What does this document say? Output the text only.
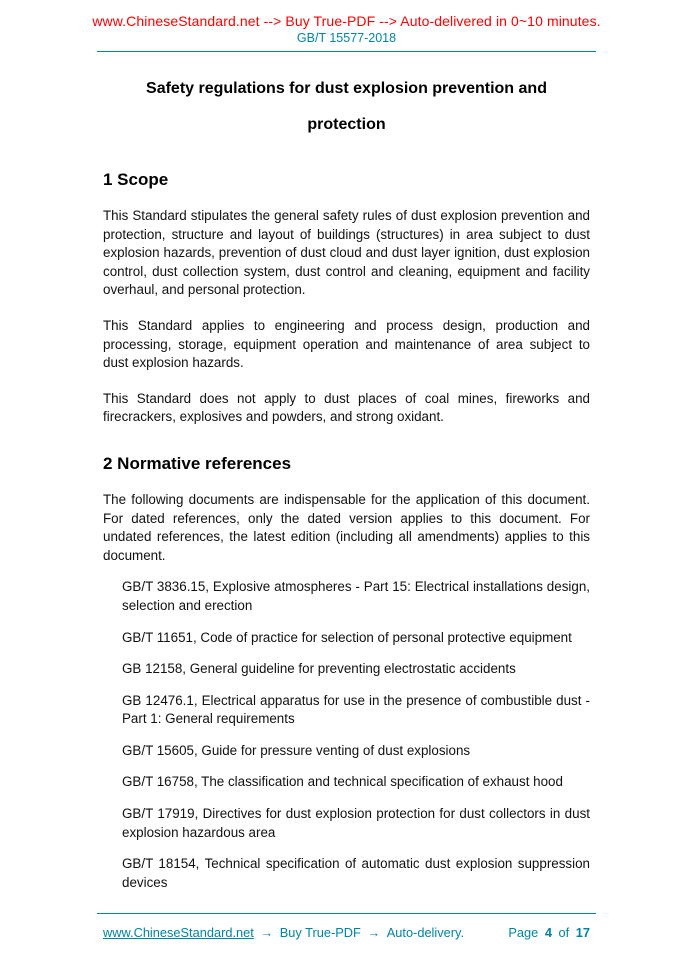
www.ChineseStandard.net --> Buy True-PDF --> Auto-delivered in 0~10 minutes.
GB/T 15577-2018
Safety regulations for dust explosion prevention and
protection
1 Scope

This Standard stipulates the general safety rules of dust explosion prevention and protection, structure and layout of buildings (structures) in area subject to dust explosion hazards, prevention of dust cloud and dust layer ignition, dust explosion control, dust collection system, dust control and cleaning, equipment and facility overhaul, and personal protection.

This Standard applies to engineering and process design, production and processing, storage, equipment operation and maintenance of area subject to dust explosion hazards.

This Standard does not apply to dust places of coal mines, fireworks and firecrackers, explosives and powders, and strong oxidant.

2 Normative references

The following documents are indispensable for the application of this document. For dated references, only the dated version applies to this document. For undated references, the latest edition (including all amendments) applies to this document.

GB/T 3836.15, Explosive atmospheres - Part 15: Electrical installations design, selection and erection

GB/T 11651, Code of practice for selection of personal protective equipment

GB 12158, General guideline for preventing electrostatic accidents

GB 12476.1, Electrical apparatus for use in the presence of combustible dust - Part 1: General requirements

GB/T 15605, Guide for pressure venting of dust explosions

GB/T 16758, The classification and technical specification of exhaust hood

GB/T 17919, Directives for dust explosion protection for dust collectors in dust explosion hazardous area

GB/T 18154, Technical specification of automatic dust explosion suppression devices

www.ChineseStandard.net → Buy True-PDF → Auto-delivery.	Page 4 of 17
